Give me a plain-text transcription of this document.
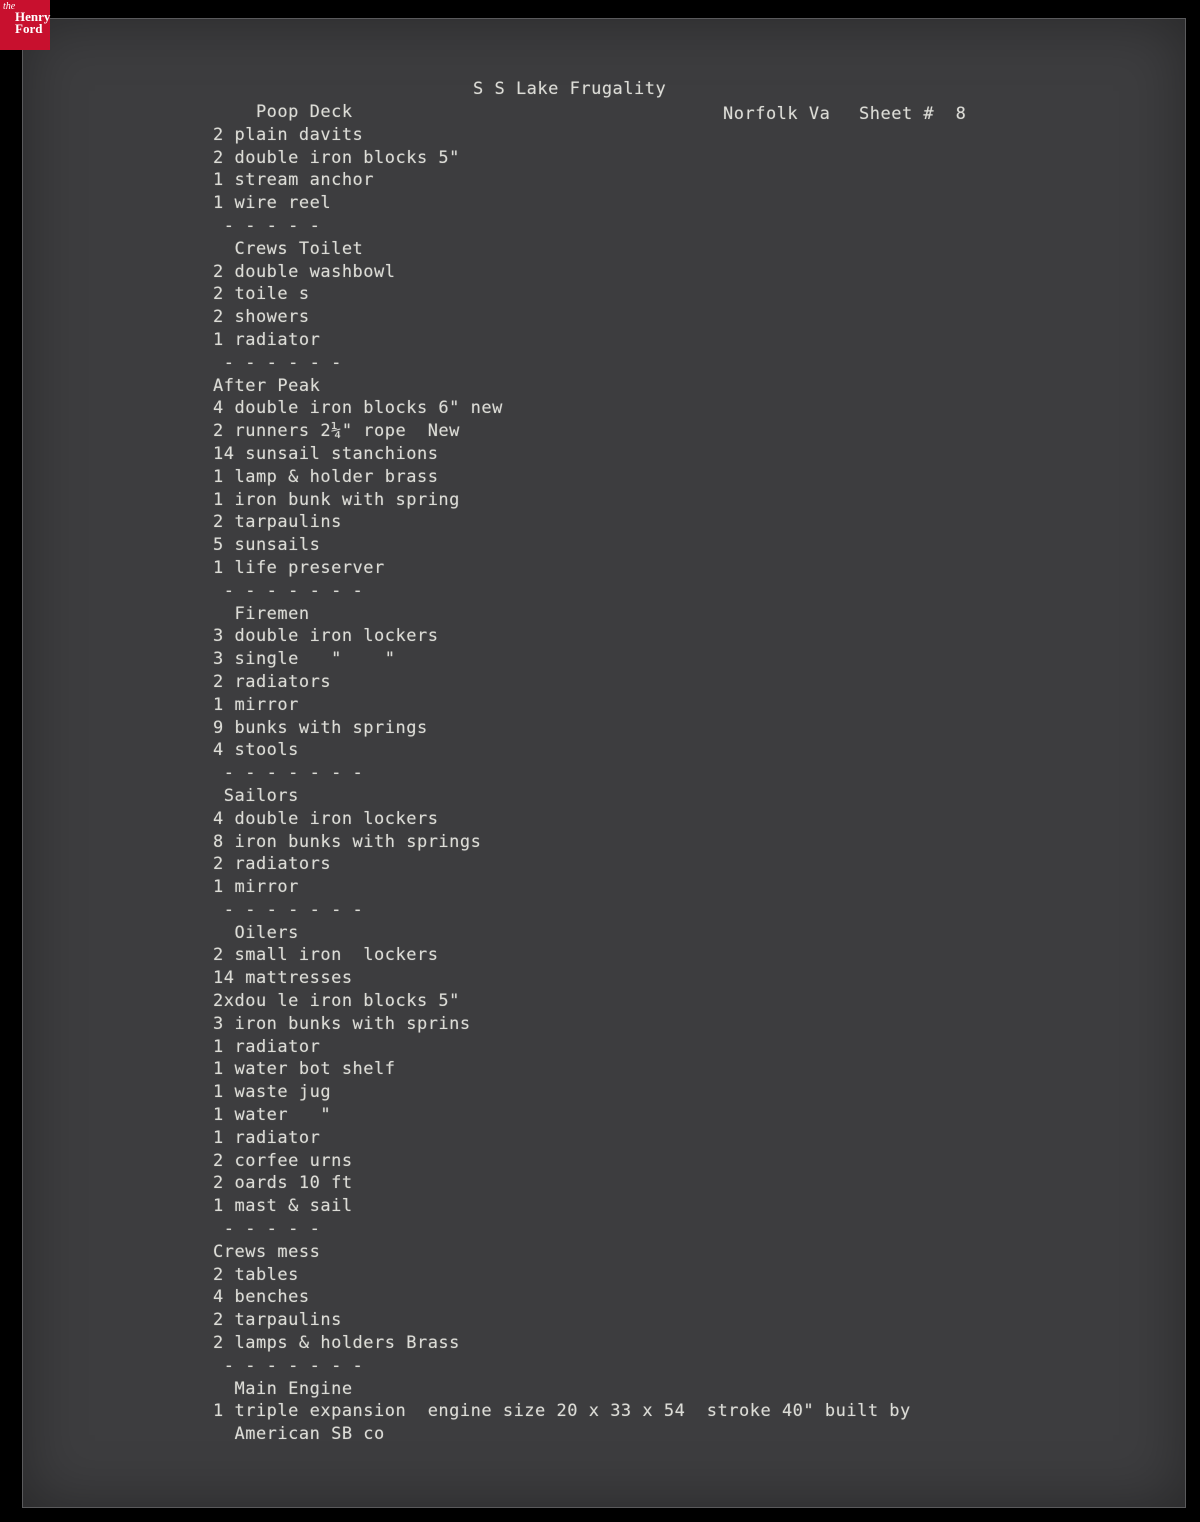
S S Lake Frugality
Norfolk Va Sheet #  8
Poop Deck
2 plain davits
2 double iron blocks 5"
1 stream anchor
1 wire reel
- - - - -
Crews Toilet
2 double washbowl
2 toile s
2 showers
1 radiator
- - - - - -
After Peak
4 double iron blocks 6" new
2 runners 2¼" rope  New
14 sunsail stanchions
1 lamp & holder brass
1 iron bunk with spring
2 tarpaulins
5 sunsails
1 life preserver
- - - - - - -
Firemen
3 double iron lockers
3 single   "    "
2 radiators
1 mirror
9 bunks with springs
4 stools
- - - - - - -
Sailors
4 double iron lockers
8 iron bunks with springs
2 radiators
1 mirror
- - - - - - -
Oilers
2 small iron  lockers
14 mattresses
2xdou le iron blocks 5"
3 iron bunks with sprins
1 radiator
1 water bot shelf
1 waste jug
1 water   "
1 radiator
2 corfee urns
2 oards 10 ft
1 mast & sail
- - - - -
Crews mess
2 tables
4 benches
2 tarpaulins
2 lamps & holders Brass
- - - - - - -
Main Engine
1 triple expansion  engine size 20 x 33 x 54  stroke 40" built by
American SB co
the
Henry
Ford
